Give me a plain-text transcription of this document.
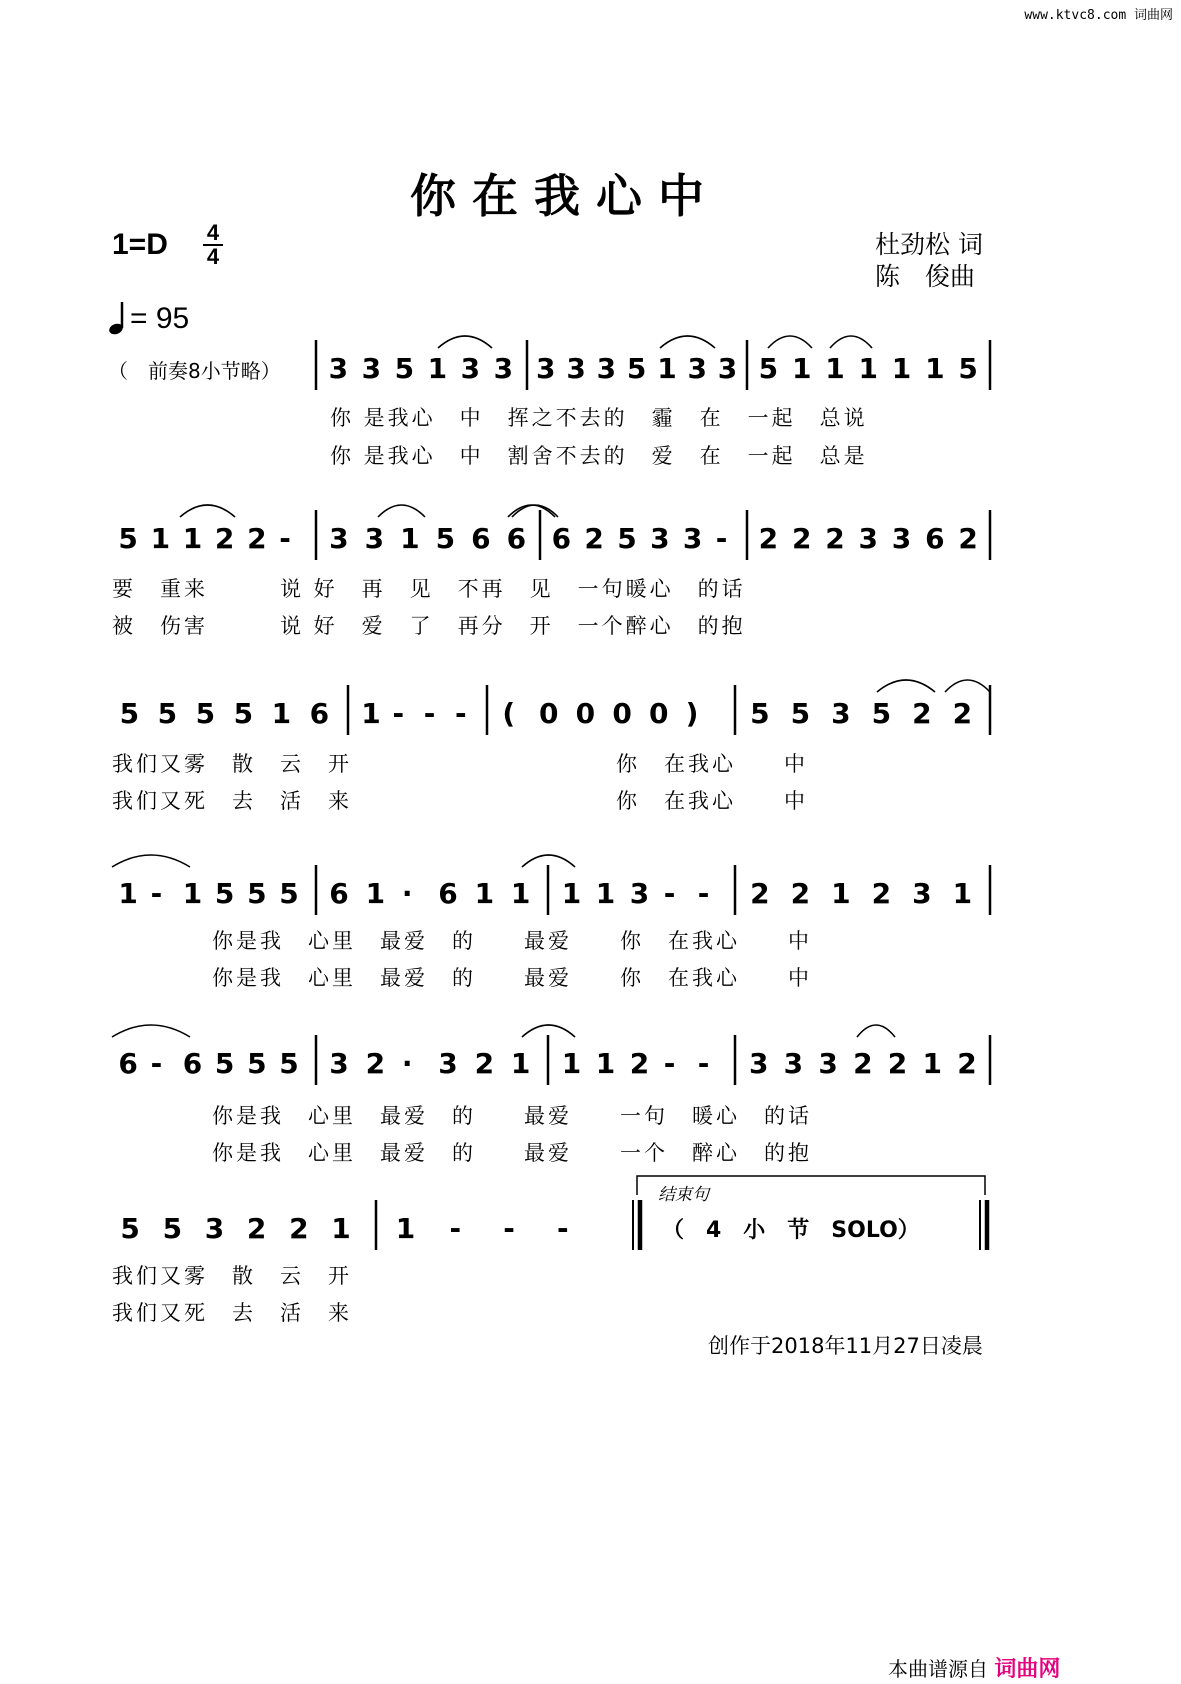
www.ktvc8.com 词曲网
你在我心中
1=D 4
4	杜劲松 词
陈　俊曲
= 95
（　前奏8小节略） 3 3 5 1 3 3 3 3 3 5 1 3 3 5 1 1 1 1 1 5
5 1 1 2 2 - 3 3 1 5 6 6 6 2 5 3 3 - 2 2 2 3 3 6 2
5 5 5 5 1 6 1 - - - ( 0 0 0 0 ) 5 5 3 5 2 2
1 - 1 5 5 5 6 1 · 6 1 1 1 1 3 - - 2 2 1 2 3 1
6 - 6 5 5 5 3 2 · 3 2 1 1 1 2 - - 3 3 3 2 2 1 2
5 5 3 2 2 1 1 - - -
你 是我心　中　挥之不去的　霾　在　一起　总说
你 是我心　中　割舍不去的　爱　在　一起　总是
要　重来　　　说 好　再　见　不再　见　一句暖心　的话
被　伤害　　　说 好　爱　了　再分　开　一个醉心　的抱
我们又雾　散　云　开　　　　　　　　　　　你　在我心　　中
我们又死　去　活　来　　　　　　　　　　　你　在我心　　中
你是我　心里　最爱　的　　最爱　　你　在我心　　中
你是我　心里　最爱　的　　最爱　　你　在我心　　中
你是我　心里　最爱　的　　最爱　　一句　暖心　的话
你是我　心里　最爱　的　　最爱　　一个　醉心　的抱
我们又雾　散　云　开
我们又死　去　活　来
结束句
（　4　小　节　SOLO）
创作于2018年11月27日凌晨
本曲谱源自 词曲网
